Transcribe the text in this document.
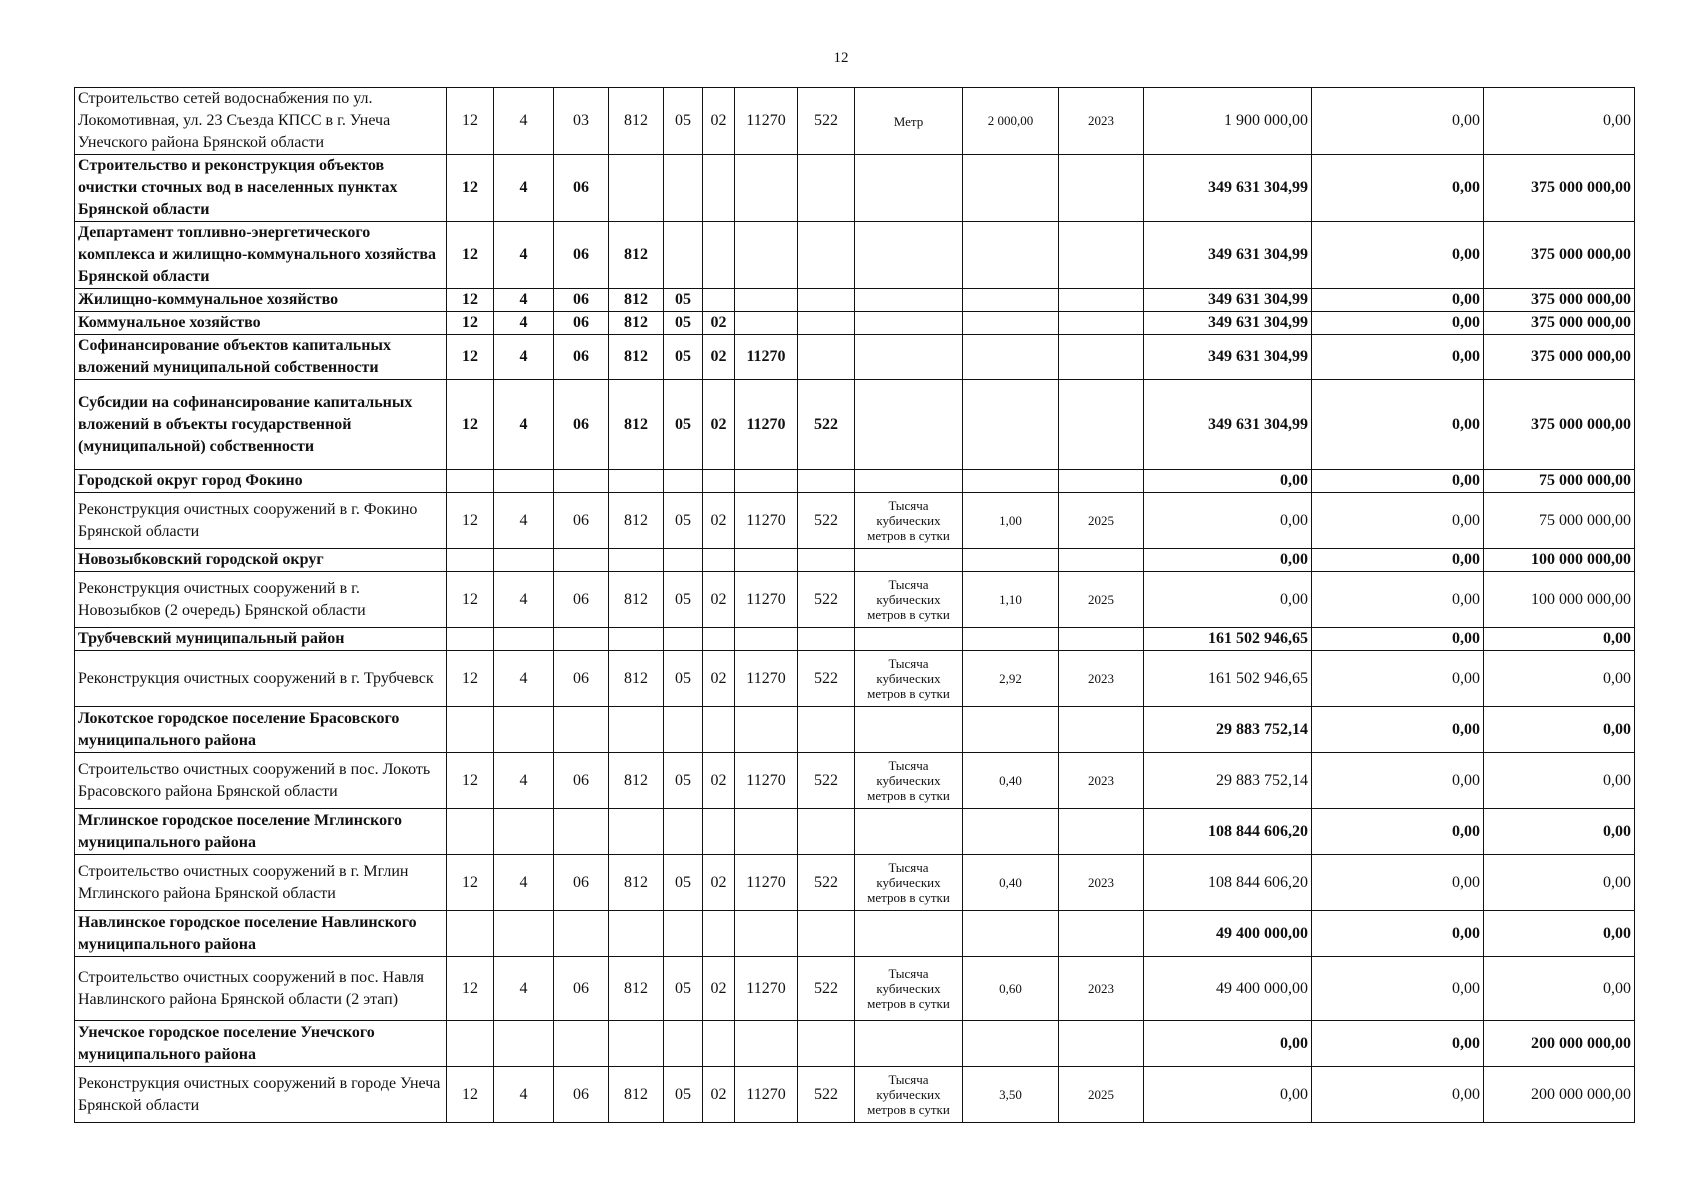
12
Строительство сетей водоснабжения по ул. Локомотивная, ул. 23 Съезда КПСС в г. Унеча Унечского района Брянской области	12	4	03	812	05	02	11270	522	Метр	2 000,00	2023	1 900 000,00	0,00	0,00
Строительство и реконструкция объектов очистки сточных вод в населенных пунктах Брянской области	12	4	06									349 631 304,99	0,00	375 000 000,00
Департамент топливно-энергетического комплекса и жилищно-коммунального хозяйства Брянской области	12	4	06	812								349 631 304,99	0,00	375 000 000,00
Жилищно-коммунальное хозяйство	12	4	06	812	05							349 631 304,99	0,00	375 000 000,00
Коммунальное хозяйство	12	4	06	812	05	02						349 631 304,99	0,00	375 000 000,00
Софинансирование объектов капитальных вложений муниципальной собственности	12	4	06	812	05	02	11270					349 631 304,99	0,00	375 000 000,00
Субсидии на софинансирование капитальных вложений в объекты государственной (муниципальной) собственности	12	4	06	812	05	02	11270	522				349 631 304,99	0,00	375 000 000,00
Городской округ город Фокино												0,00	0,00	75 000 000,00
Реконструкция очистных сооружений в г. Фокино Брянской области	12	4	06	812	05	02	11270	522	Тысяча кубических метров в сутки	1,00	2025	0,00	0,00	75 000 000,00
Новозыбковский городской округ												0,00	0,00	100 000 000,00
Реконструкция очистных сооружений в г. Новозыбков (2 очередь) Брянской области	12	4	06	812	05	02	11270	522	Тысяча кубических метров в сутки	1,10	2025	0,00	0,00	100 000 000,00
Трубчевский муниципальный район												161 502 946,65	0,00	0,00
Реконструкция очистных сооружений в г. Трубчевск	12	4	06	812	05	02	11270	522	Тысяча кубических метров в сутки	2,92	2023	161 502 946,65	0,00	0,00
Локотское городское поселение Брасовского муниципального района												29 883 752,14	0,00	0,00
Строительство очистных сооружений в пос. Локоть Брасовского района Брянской области	12	4	06	812	05	02	11270	522	Тысяча кубических метров в сутки	0,40	2023	29 883 752,14	0,00	0,00
Мглинское городское поселение Мглинского муниципального района												108 844 606,20	0,00	0,00
Строительство очистных сооружений в г. Мглин Мглинского района Брянской области	12	4	06	812	05	02	11270	522	Тысяча кубических метров в сутки	0,40	2023	108 844 606,20	0,00	0,00
Навлинское городское поселение Навлинского муниципального района												49 400 000,00	0,00	0,00
Строительство очистных сооружений в пос. Навля Навлинского района Брянской области (2 этап)	12	4	06	812	05	02	11270	522	Тысяча кубических метров в сутки	0,60	2023	49 400 000,00	0,00	0,00
Унечское городское поселение Унечского муниципального района												0,00	0,00	200 000 000,00
Реконструкция очистных сооружений в городе Унеча Брянской области	12	4	06	812	05	02	11270	522	Тысяча кубических метров в сутки	3,50	2025	0,00	0,00	200 000 000,00
